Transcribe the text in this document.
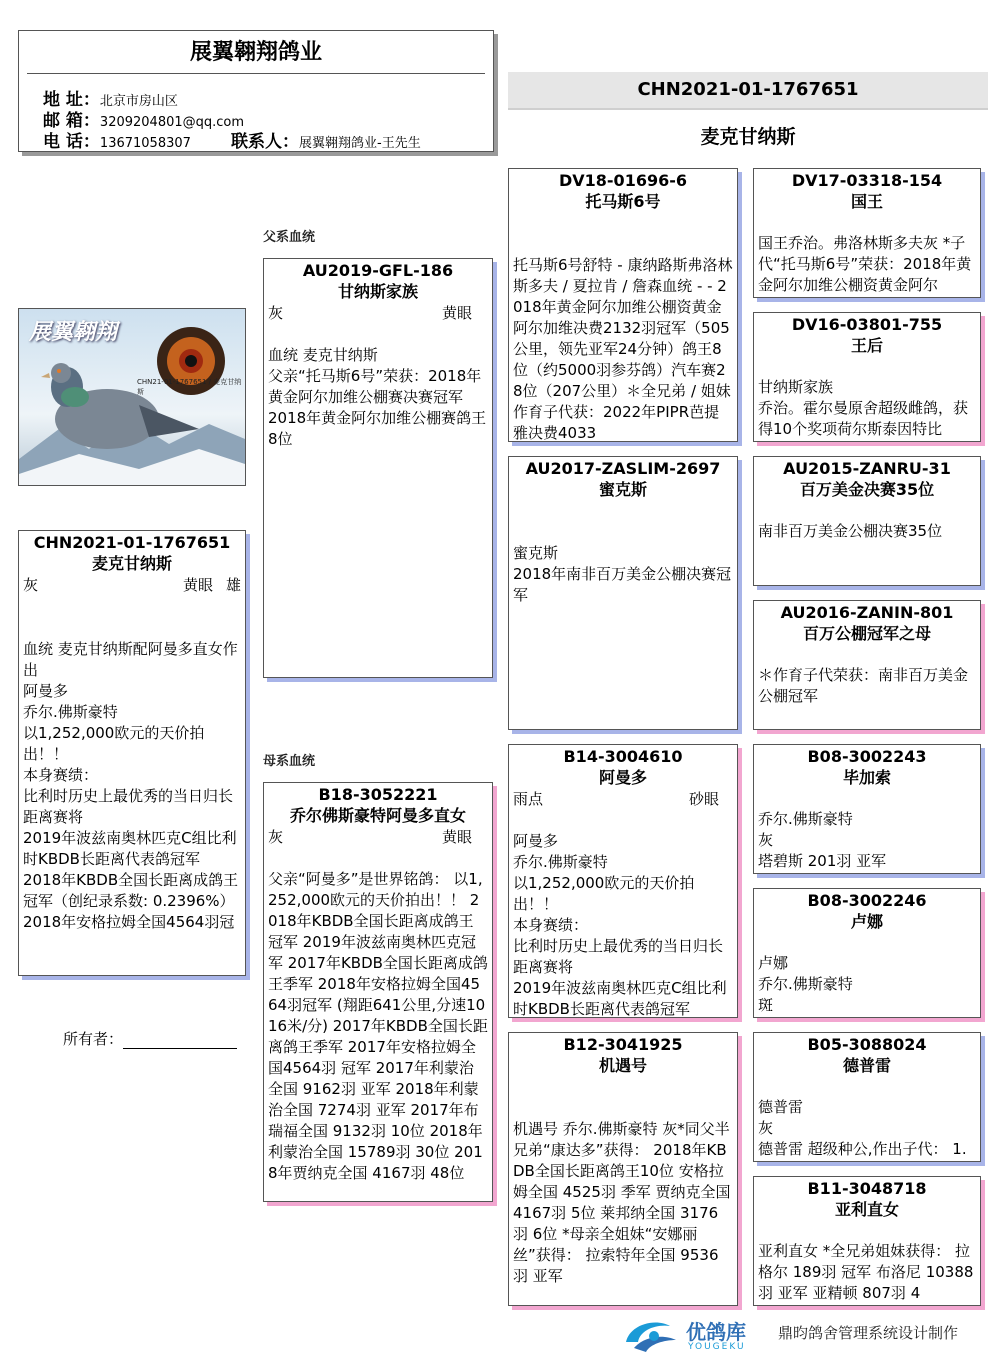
展翼翱翔鸽业
地 址：北京市房山区
邮 箱：3209204801@qq.com
电 话：13671058307 联系人：展翼翱翔鸽业-王先生
CHN2021-01-1767651
麦克甘纳斯
父系血统
母系血统
展翼翱翔
CHN21-01-1767651 / 麦克甘纳斯
CHN2021-01-1767651
麦克甘纳斯
灰	黄眼 雄
血统 麦克甘纳斯配阿曼多直女作出
阿曼多
乔尔.佛斯豪特
以1,252,000欧元的天价拍出！！
本身赛绩：
比利时历史上最优秀的当日归长距离赛将
2019年波兹南奥林匹克C组比利时KBDB长距离代表鸽冠军
2018年KBDB全国长距离成鸽王冠军（创纪录系数: 0.2396%）
2018年安格拉姆全国4564羽冠
所有者：
AU2019-GFL-186
甘纳斯家族
灰	黄眼
血统 麦克甘纳斯
父亲“托马斯6号”荣获：2018年黄金阿尔加维公棚赛决赛冠军
2018年黄金阿尔加维公棚赛鸽王8位
B18-3052221
乔尔佛斯豪特阿曼多直女
灰	黄眼
父亲“阿曼多”是世界铭鸽： 以1,252,000欧元的天价拍出！！ 2018年KBDB全国长距离成鸽王冠军 2019年波兹南奥林匹克冠军 2017年KBDB全国长距离成鸽王季军 2018年安格拉姆全国4564羽冠军 (翔距641公里,分速1016米/分) 2017年KBDB全国长距离鸽王季军 2017年安格拉姆全国4564羽 冠军 2017年利蒙治全国 9162羽 亚军 2018年利蒙治全国 7274羽 亚军 2017年布瑞福全国 9132羽 10位 2018年利蒙治全国 15789羽 30位 2018年贾纳克全国 4167羽 48位
DV18-01696-6
托马斯6号
托马斯6号舒特 - 康纳路斯弗洛林斯多夫 / 夏拉肯 / 詹森血统 - - 2018年黄金阿尔加维公棚资黄金阿尔加维决费2132羽冠军（505公里，领先亚军24分钟）鸽王8位（约5000羽参芬鸽）汽车赛28位（207公里）＊全兄弟 / 姐妹作育子代获：2022年PIPR芭提雅决费4033
AU2017-ZASLIM-2697
蜜克斯
蜜克斯
2018年南非百万美金公棚决赛冠军
B14-3004610
阿曼多
雨点	砂眼
阿曼多
乔尔.佛斯豪特
以1,252,000欧元的天价拍出！！
本身赛绩：
比利时历史上最优秀的当日归长距离赛将
2019年波兹南奥林匹克C组比利时KBDB长距离代表鸽冠军
B12-3041925
机遇号
机遇号 乔尔.佛斯豪特 灰*同父半兄弟“康达多”获得： 2018年KBDB全国长距离鸽王10位 安格拉姆全国 4525羽 季军 贾纳克全国 4167羽 5位 莱邦纳全国 3176羽 6位 *母亲全姐妹“安娜丽丝”获得： 拉索特年全国 9536羽 亚军
DV17-03318-154
国王
国王乔治。弗洛林斯多夫灰 *子代“托马斯6号”荣获：2018年黄金阿尔加维公棚资黄金阿尔
DV16-03801-755
王后
甘纳斯家族
乔治。霍尔曼原舍超级雌鸽，获得10个奖项荷尔斯泰因特比
AU2015-ZANRU-31
百万美金决赛35位
南非百万美金公棚决赛35位
AU2016-ZANIN-801
百万公棚冠军之母
＊作育子代荣获：南非百万美金公棚冠军
B08-3002243
毕加索
乔尔.佛斯豪特
灰
塔碧斯 201羽 亚军
B08-3002246
卢娜
卢娜
乔尔.佛斯豪特
斑
B05-3088024
德普雷
德普雷
灰
德普雷 超级种公,作出子代： 1.
B11-3048718
亚利直女
亚利直女 *全兄弟姐妹获得： 拉格尔 189羽 冠军 布洛尼 10388羽 亚军 亚精顿 807羽 4
优鸽库
YOUGEKU
鼎昀鸽舍管理系统设计制作
